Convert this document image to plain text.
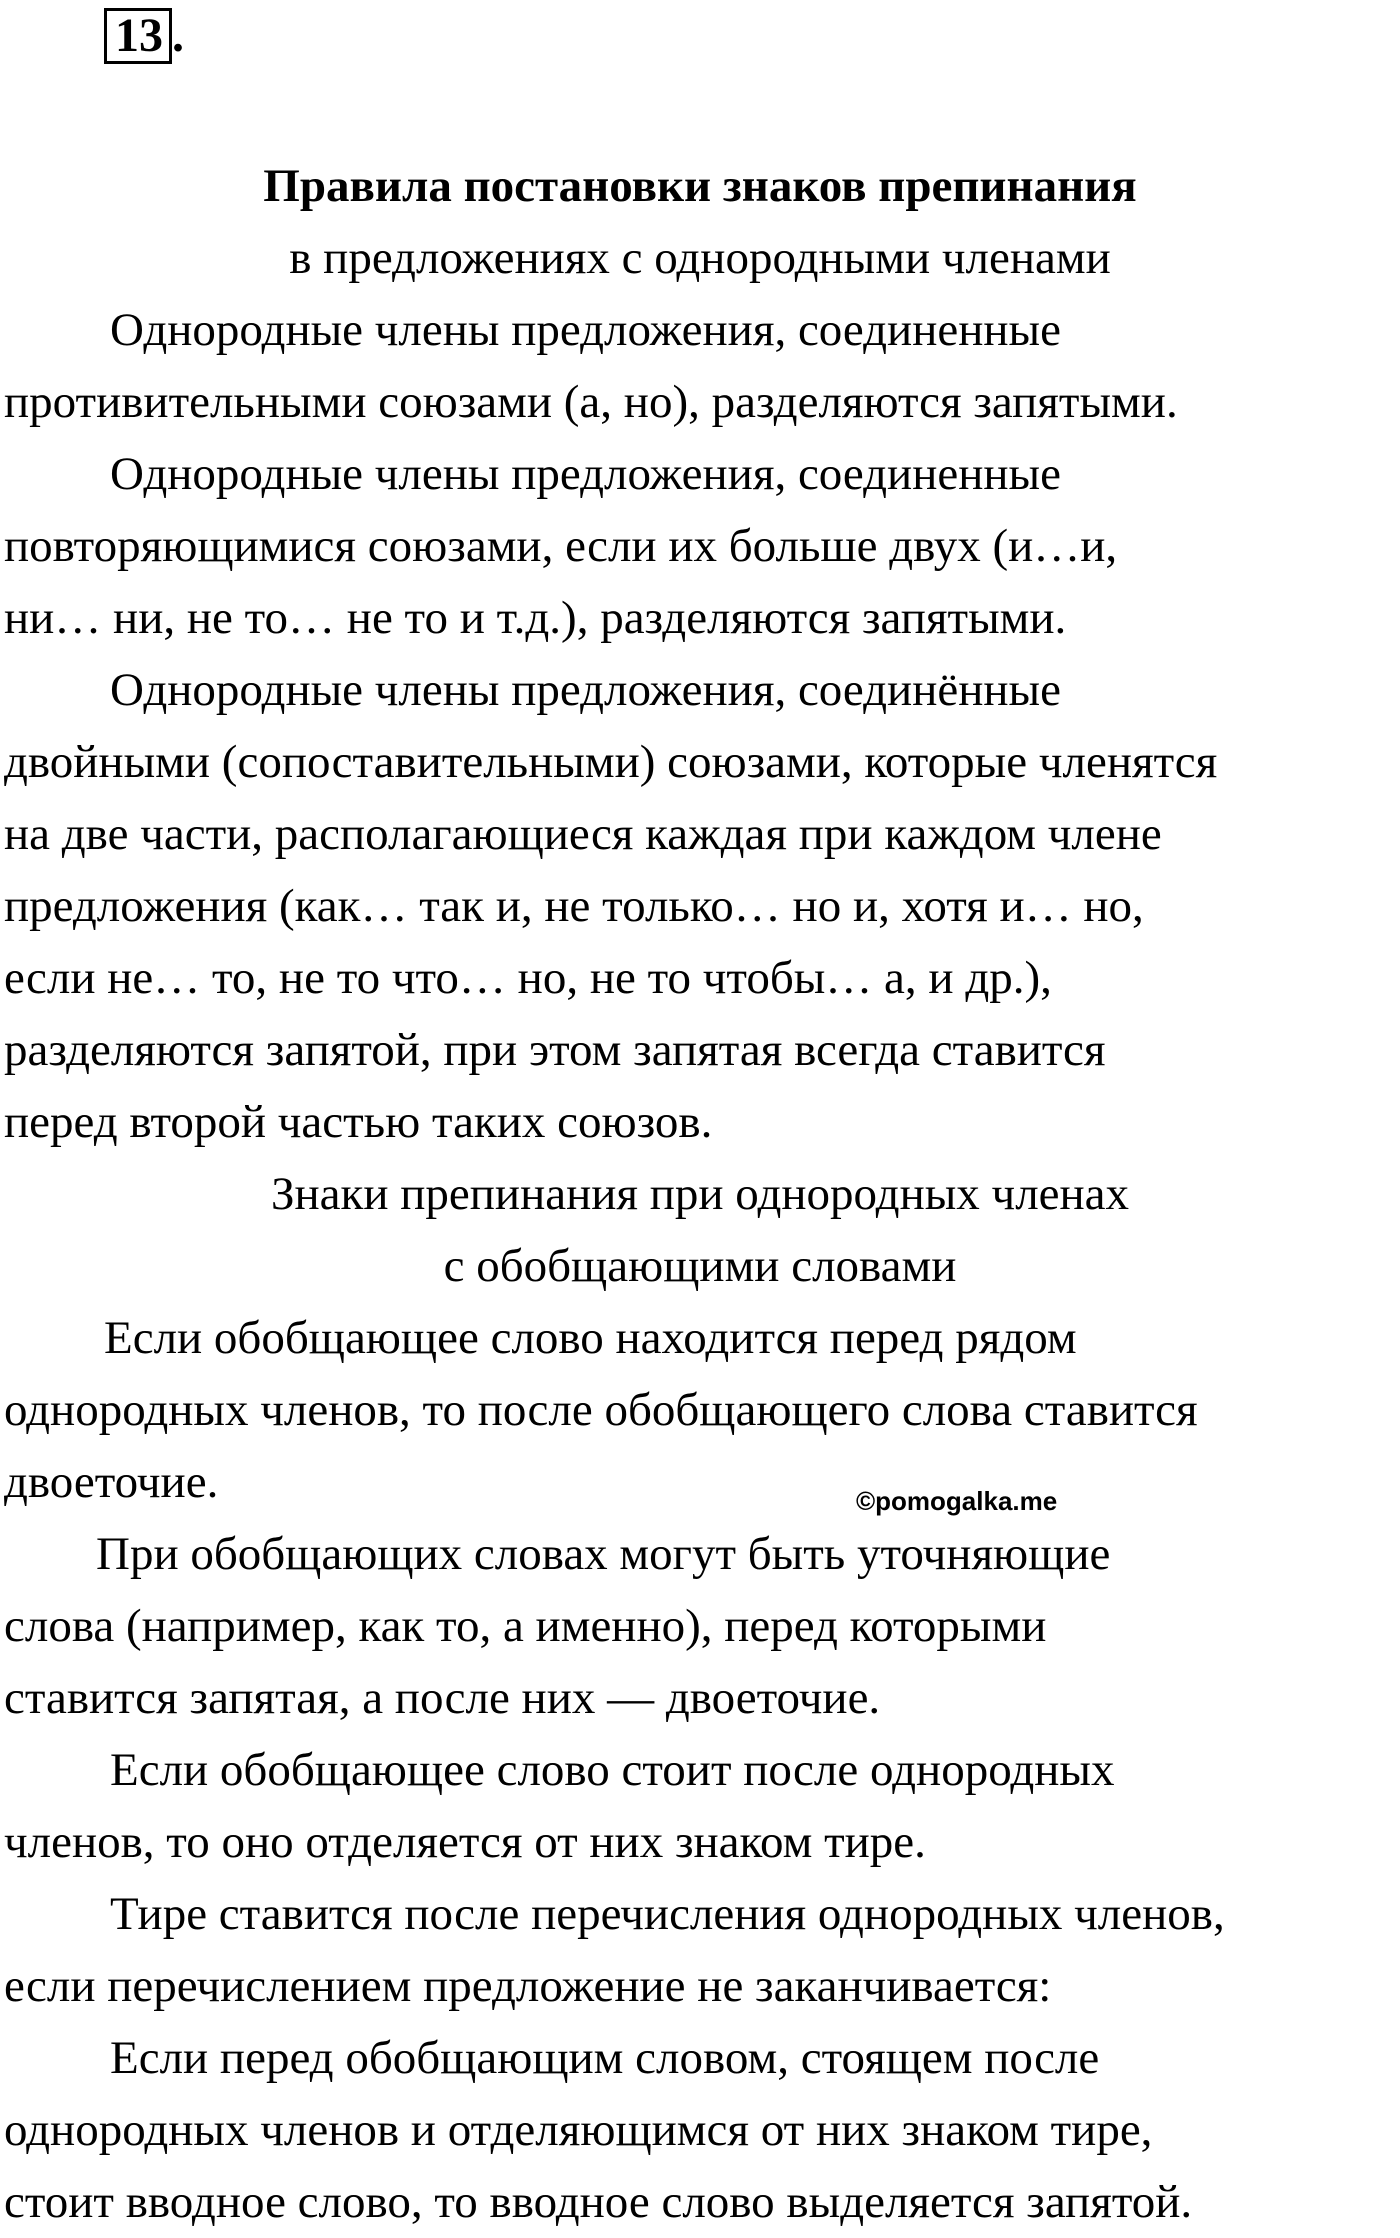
13 .
Правила постановки знаков препинания
в предложениях с однородными членами
Однородные члены предложения, соединенные
противительными союзами (а, но), разделяются запятыми.
Однородные члены предложения, соединенные
повторяющимися союзами, если их больше двух (и…и,
ни… ни, не то… не то и т.д.), разделяются запятыми.
Однородные члены предложения, соединённые
двойными (сопоставительными) союзами, которые членятся
на две части, располагающиеся каждая при каждом члене
предложения (как… так и, не только… но и, хотя и… но,
если не… то, не то что… но, не то чтобы… а, и др.),
разделяются запятой, при этом запятая всегда ставится
перед второй частью таких союзов.
Знаки препинания при однородных членах
с обобщающими словами
Если обобщающее слово находится перед рядом
однородных членов, то после обобщающего слова ставится
двоеточие.
При обобщающих словах могут быть уточняющие
слова (например, как то, а именно), перед которыми
ставится запятая, а после них — двоеточие.
Если обобщающее слово стоит после однородных
членов, то оно отделяется от них знаком тире.
Тире ставится после перечисления однородных членов,
если перечислением предложение не заканчивается:
Если перед обобщающим словом, стоящем после
однородных членов и отделяющимся от них знаком тире,
стоит вводное слово, то вводное слово выделяется запятой.
©pomogalka.me
